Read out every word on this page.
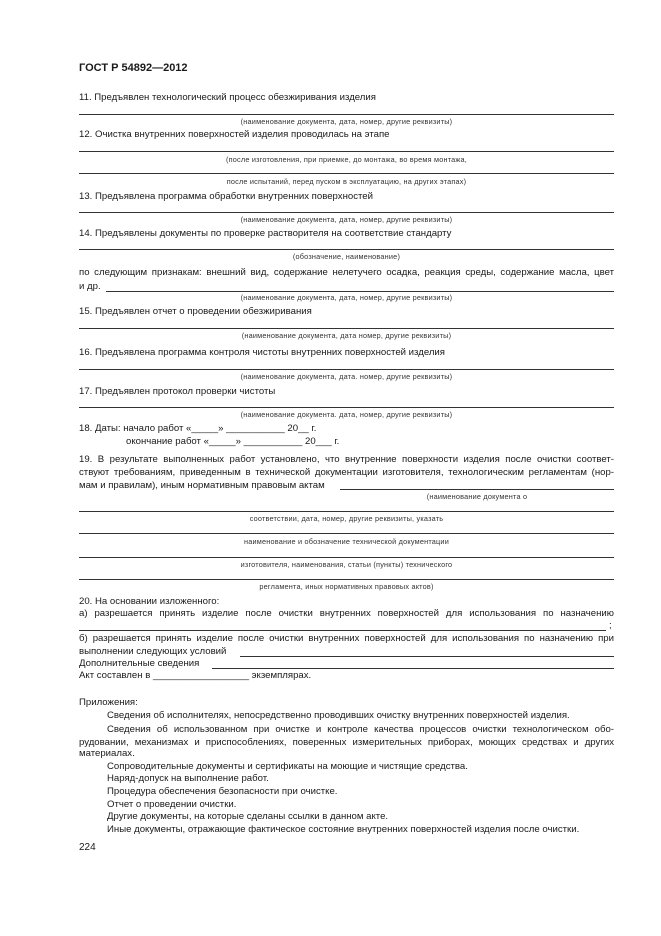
ГОСТ Р 54892—2012
11. Предъявлен технологический процесс обезжиривания изделия
(наименование документа, дата, номер, другие реквизиты)
12. Очистка внутренних поверхностей изделия проводилась на этапе
(после изготовления, при приемке, до монтажа, во время монтажа,
после испытаний, перед пуском в эксплуатацию, на других этапах)
13. Предъявлена программа обработки внутренних поверхностей
(наименование документа, дата, номер, другие реквизиты)
14. Предъявлены документы по проверке растворителя на соответствие стандарту
(обозначение, наименование)
по следующим признакам: внешний вид, содержание нелетучего осадка, реакция среды, содержание масла, цвет
и др.
(наименование документа, дата, номер, другие реквизиты)
15. Предъявлен отчет о проведении обезжиривания
(наименование документа, дата номер, другие реквизиты)
16. Предъявлена программа контроля чистоты внутренних поверхностей изделия
(наименование документа, дата. номер, другие реквизиты)
17. Предъявлен протокол проверки чистоты
(наименование документа. дата, номер, другие реквизиты)
18. Даты: начало работ «_____» ___________ 20__ г.
окончание работ «_____» ___________ 20___ г.
19. В результате выполненных работ установлено, что внутренние поверхности изделия после очистки соответ-
ствуют требованиям, приведенным в технической документации изготовителя, технологическим регламентам (нор-
мам и правилам), иным нормативным правовым актам
(наименование документа о
соответствии, дата, номер, другие реквизиты, указать
наименование и обозначение технической документации
изготовителя, наименования, статьи (пункты) технического
регламента, иных нормативных правовых актов)
20. На основании изложенного:
а) разрешается принять изделие после очистки внутренних поверхностей для использования по назначению
;
б) разрешается принять изделие после очистки внутренних поверхностей для использования по назначению при
выполнении следующих условий
Дополнительные сведения
Акт составлен в __________________ экземплярах.
Приложения:
Сведения об исполнителях, непосредственно проводивших очистку внутренних поверхностей изделия.
Сведения об использованном при очистке и контроле качества процессов очистки технологическом обо-
рудовании, механизмах и приспособлениях, поверенных измерительных приборах, моющих средствах и других
материалах.
Сопроводительные документы и сертификаты на моющие и чистящие средства.
Наряд-допуск на выполнение работ.
Процедура обеспечения безопасности при очистке.
Отчет о проведении очистки.
Другие документы, на которые сделаны ссылки в данном акте.
Иные документы, отражающие фактическое состояние внутренних поверхностей изделия после очистки.
224
